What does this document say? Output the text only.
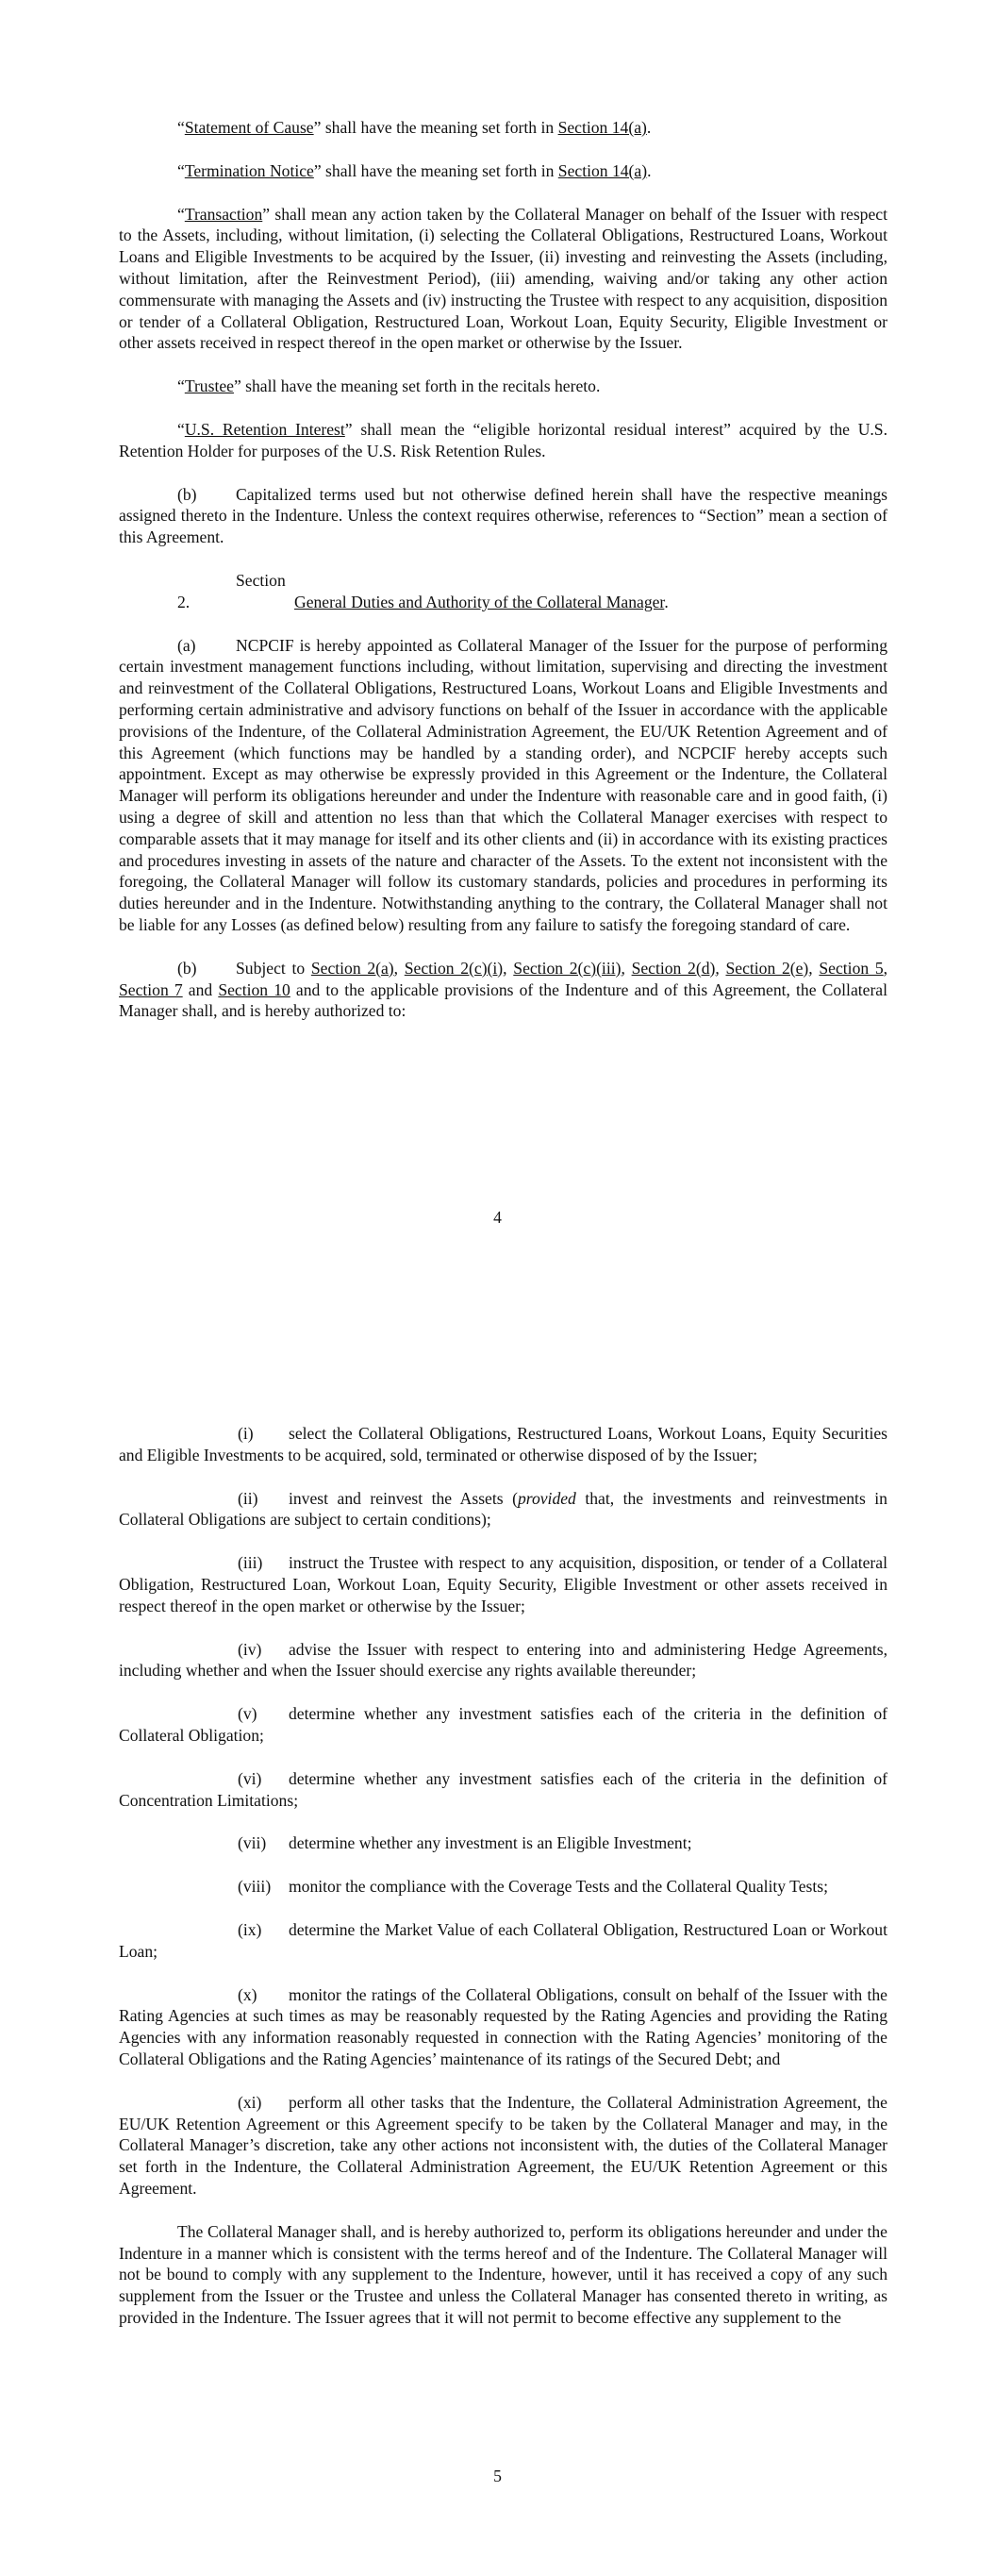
“Statement of Cause” shall have the meaning set forth in Section 14(a).

“Termination Notice” shall have the meaning set forth in Section 14(a).

“Transaction” shall mean any action taken by the Collateral Manager on behalf of the Issuer with respect to the Assets, including, without limitation, (i) selecting the Collateral Obligations, Restructured Loans, Workout Loans and Eligible Investments to be acquired by the Issuer, (ii) investing and reinvesting the Assets (including, without limitation, after the Reinvestment Period), (iii) amending, waiving and/or taking any other action commensurate with managing the Assets and (iv) instructing the Trustee with respect to any acquisition, disposition or tender of a Collateral Obligation, Restructured Loan, Workout Loan, Equity Security, Eligible Investment or other assets received in respect thereof in the open market or otherwise by the Issuer.

“Trustee” shall have the meaning set forth in the recitals hereto.

“U.S. Retention Interest” shall mean the “eligible horizontal residual interest” acquired by the U.S. Retention Holder for purposes of the U.S. Risk Retention Rules.

(b) Capitalized terms used but not otherwise defined herein shall have the respective meanings assigned thereto in the Indenture. Unless the context requires otherwise, references to “Section” mean a section of this Agreement.

Section 2.	General Duties and Authority of the Collateral Manager.

(a) NCPCIF is hereby appointed as Collateral Manager of the Issuer for the purpose of performing certain investment management functions including, without limitation, supervising and directing the investment and reinvestment of the Collateral Obligations, Restructured Loans, Workout Loans and Eligible Investments and performing certain administrative and advisory functions on behalf of the Issuer in accordance with the applicable provisions of the Indenture, of the Collateral Administration Agreement, the EU/UK Retention Agreement and of this Agreement (which functions may be handled by a standing order), and NCPCIF hereby accepts such appointment. Except as may otherwise be expressly provided in this Agreement or the Indenture, the Collateral Manager will perform its obligations hereunder and under the Indenture with reasonable care and in good faith, (i) using a degree of skill and attention no less than that which the Collateral Manager exercises with respect to comparable assets that it may manage for itself and its other clients and (ii) in accordance with its existing practices and procedures investing in assets of the nature and character of the Assets. To the extent not inconsistent with the foregoing, the Collateral Manager will follow its customary standards, policies and procedures in performing its duties hereunder and in the Indenture. Notwithstanding anything to the contrary, the Collateral Manager shall not be liable for any Losses (as defined below) resulting from any failure to satisfy the foregoing standard of care.

(b) Subject to Section 2(a), Section 2(c)(i), Section 2(c)(iii), Section 2(d), Section 2(e), Section 5, Section 7 and Section 10 and to the applicable provisions of the Indenture and of this Agreement, the Collateral Manager shall, and is hereby authorized to:

4

(i) select the Collateral Obligations, Restructured Loans, Workout Loans, Equity Securities and Eligible Investments to be acquired, sold, terminated or otherwise disposed of by the Issuer;

(ii) invest and reinvest the Assets (provided that, the investments and reinvestments in Collateral Obligations are subject to certain conditions);

(iii) instruct the Trustee with respect to any acquisition, disposition, or tender of a Collateral Obligation, Restructured Loan, Workout Loan, Equity Security, Eligible Investment or other assets received in respect thereof in the open market or otherwise by the Issuer;

(iv) advise the Issuer with respect to entering into and administering Hedge Agreements, including whether and when the Issuer should exercise any rights available thereunder;

(v) determine whether any investment satisfies each of the criteria in the definition of Collateral Obligation;

(vi) determine whether any investment satisfies each of the criteria in the definition of Concentration Limitations;

(vii) determine whether any investment is an Eligible Investment;

(viii) monitor the compliance with the Coverage Tests and the Collateral Quality Tests;

(ix) determine the Market Value of each Collateral Obligation, Restructured Loan or Workout Loan;

(x) monitor the ratings of the Collateral Obligations, consult on behalf of the Issuer with the Rating Agencies at such times as may be reasonably requested by the Rating Agencies and providing the Rating Agencies with any information reasonably requested in connection with the Rating Agencies’ monitoring of the Collateral Obligations and the Rating Agencies’ maintenance of its ratings of the Secured Debt; and

(xi) perform all other tasks that the Indenture, the Collateral Administration Agreement, the EU/UK Retention Agreement or this Agreement specify to be taken by the Collateral Manager and may, in the Collateral Manager’s discretion, take any other actions not inconsistent with, the duties of the Collateral Manager set forth in the Indenture, the Collateral Administration Agreement, the EU/UK Retention Agreement or this Agreement.

The Collateral Manager shall, and is hereby authorized to, perform its obligations hereunder and under the Indenture in a manner which is consistent with the terms hereof and of the Indenture. The Collateral Manager will not be bound to comply with any supplement to the Indenture, however, until it has received a copy of any such supplement from the Issuer or the Trustee and unless the Collateral Manager has consented thereto in writing, as provided in the Indenture. The Issuer agrees that it will not permit to become effective any supplement to the

5
